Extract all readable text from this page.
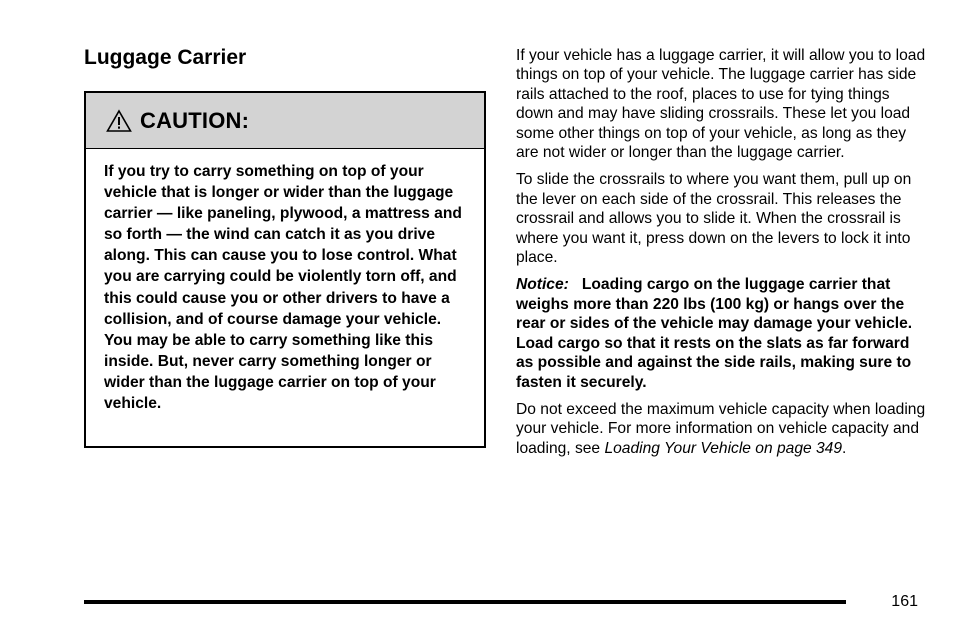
Luggage Carrier
CAUTION:

If you try to carry something on top of your vehicle that is longer or wider than the luggage carrier — like paneling, plywood, a mattress and so forth — the wind can catch it as you drive along. This can cause you to lose control. What you are carrying could be violently torn off, and this could cause you or other drivers to have a collision, and of course damage your vehicle. You may be able to carry something like this inside. But, never carry something longer or wider than the luggage carrier on top of your vehicle.

If your vehicle has a luggage carrier, it will allow you to load things on top of your vehicle. The luggage carrier has side rails attached to the roof, places to use for tying things down and may have sliding crossrails. These let you load some other things on top of your vehicle, as long as they are not wider or longer than the luggage carrier.

To slide the crossrails to where you want them, pull up on the lever on each side of the crossrail. This releases the crossrail and allows you to slide it. When the crossrail is where you want it, press down on the levers to lock it into place.

Notice: Loading cargo on the luggage carrier that weighs more than 220 lbs (100 kg) or hangs over the rear or sides of the vehicle may damage your vehicle. Load cargo so that it rests on the slats as far forward as possible and against the side rails, making sure to fasten it securely.

Do not exceed the maximum vehicle capacity when loading your vehicle. For more information on vehicle capacity and loading, see Loading Your Vehicle on page 349.

161
